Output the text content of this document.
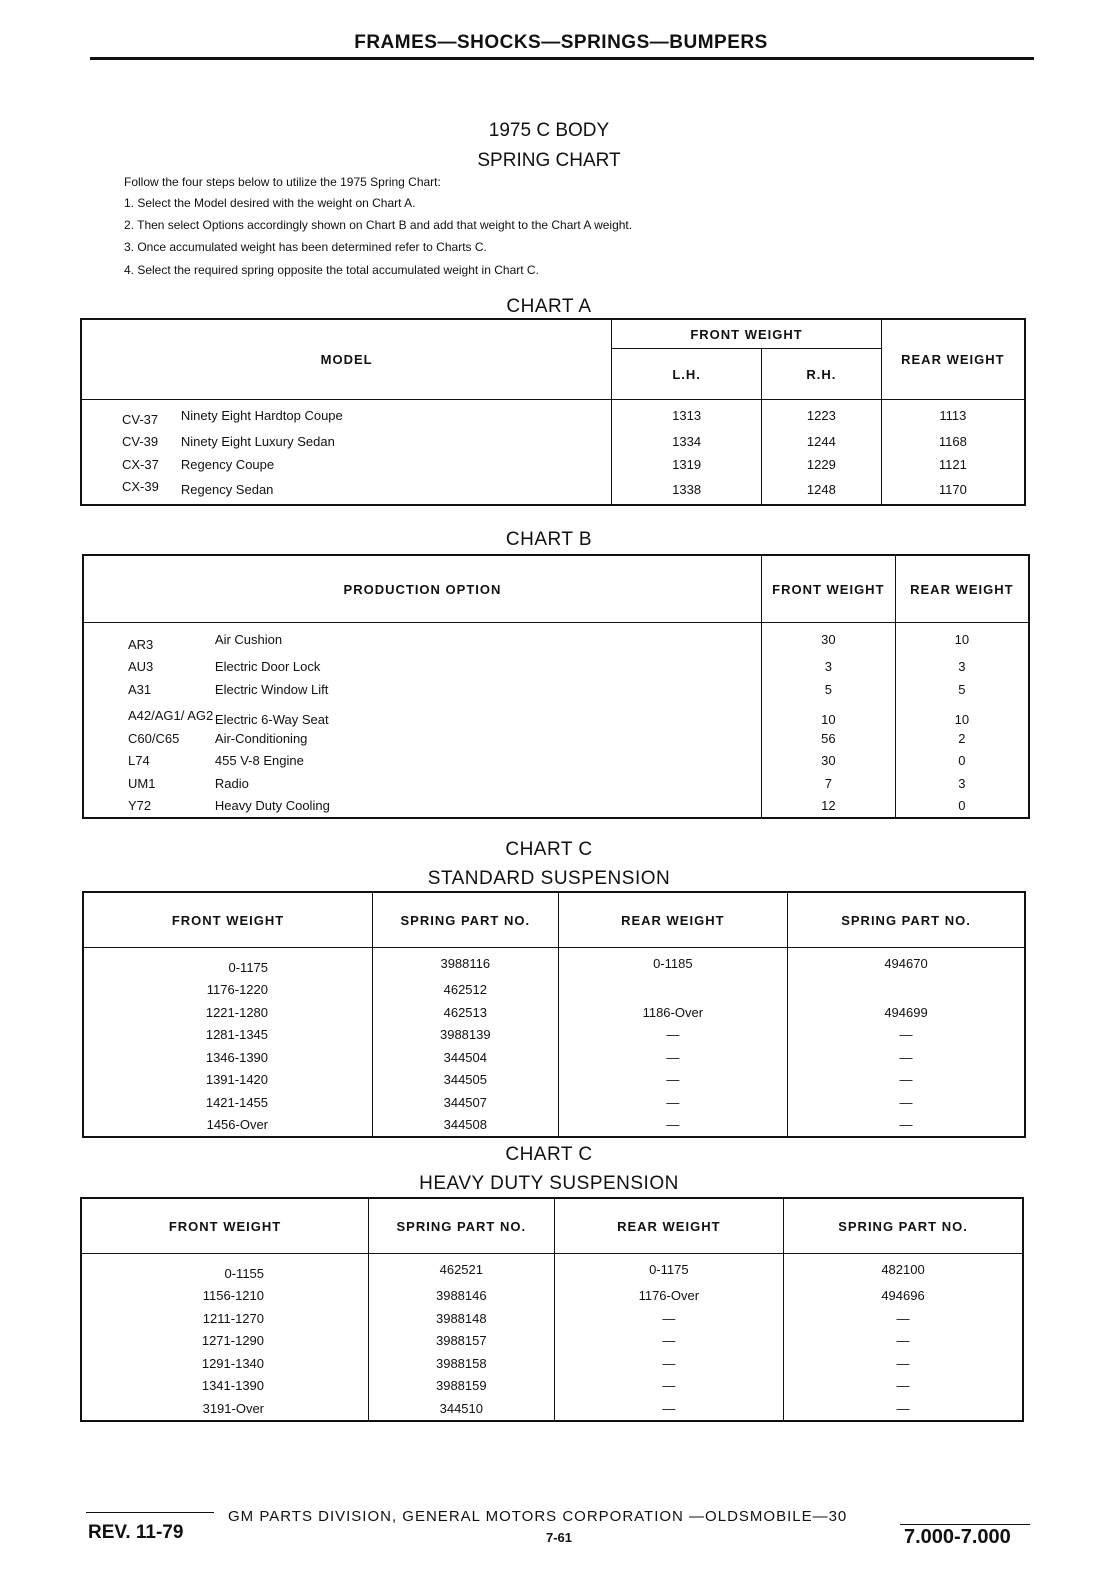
FRAMES—SHOCKS—SPRINGS—BUMPERS
1975 C BODY
SPRING CHART
Follow the four steps below to utilize the 1975 Spring Chart:
1. Select the Model desired with the weight on Chart A.
2. Then select Options accordingly shown on Chart B and add that weight to the Chart A weight.
3. Once accumulated weight has been determined refer to Charts C.
4. Select the required spring opposite the total accumulated weight in Chart C.
CHART A
MODEL		FRONT WEIGHT		REAR WEIGHT
		L.H.	R.H.	
CV-37	Ninety Eight Hardtop Coupe	1313	1223	1113
CV-39	Ninety Eight Luxury Sedan	1334	1244	1168
CX-37	Regency Coupe	1319	1229	1121
CX-39	Regency Sedan	1338	1248	1170
CHART B
PRODUCTION OPTION		FRONT WEIGHT	REAR WEIGHT
AR3	Air Cushion	30	10
AU3	Electric Door Lock	3	3
A31	Electric Window Lift	5	5
A42/AG1/ AG2	Electric 6-Way Seat	10	10
C60/C65	Air-Conditioning	56	2
L74	455 V-8 Engine	30	0
UM1	Radio	7	3
Y72	Heavy Duty Cooling	12	0
CHART C
STANDARD SUSPENSION
FRONT WEIGHT	SPRING PART NO.	REAR WEIGHT	SPRING PART NO.
0-1175	3988116	0-1185	494670
1176-1220	462512		
1221-1280	462513	1186-Over	494699
1281-1345	3988139	—	—
1346-1390	344504	—	—
1391-1420	344505	—	—
1421-1455	344507	—	—
1456-Over	344508	—	—
CHART C
HEAVY DUTY SUSPENSION
FRONT WEIGHT	SPRING PART NO.	REAR WEIGHT	SPRING PART NO.
0-1155	462521	0-1175	482100
1156-1210	3988146	1176-Over	494696
1211-1270	3988148	—	—
1271-1290	3988157	—	—
1291-1340	3988158	—	—
1341-1390	3988159	—	—
3191-Over	344510	—	—
GM PARTS DIVISION, GENERAL MOTORS CORPORATION —OLDSMOBILE—30
REV. 11-79	7-61	7.000-7.000
